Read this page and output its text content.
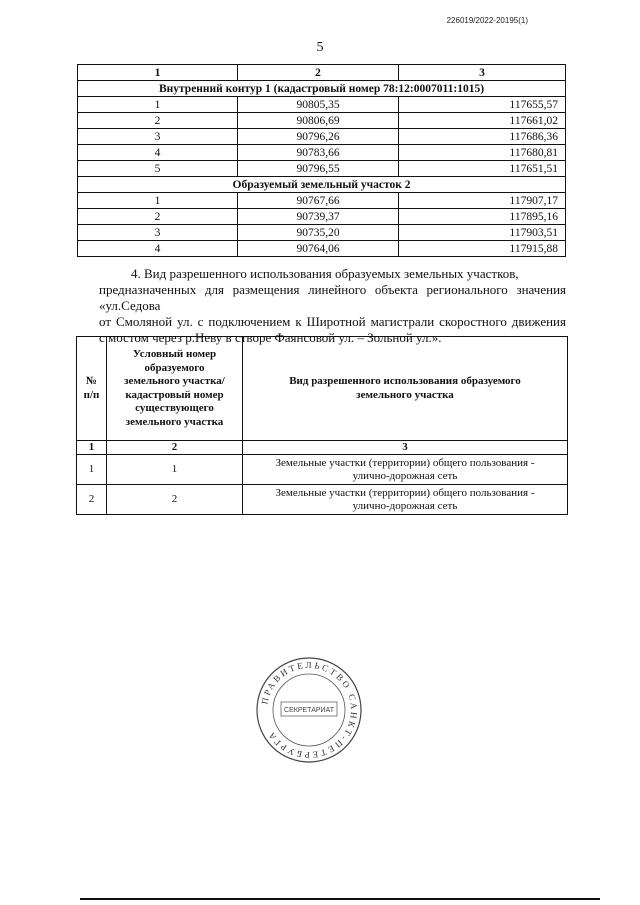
226019/2022-20195(1)
5
1	2	3
Внутренний контур 1 (кадастровый номер 78:12:0007011:1015)		
1	90805,35	117655,57
2	90806,69	117661,02
3	90796,26	117686,36
4	90783,66	117680,81
5	90796,55	117651,51
Образуемый земельный участок 2		
1	90767,66	117907,17
2	90739,37	117895,16
3	90735,20	117903,51
4	90764,06	117915,88
4. Вид разрешенного использования образуемых земельных участков,
предназначенных для размещения линейного объекта регионального значения «ул.Седова
от Смоляной ул. с подключением к Широтной магистрали скоростного движения
с мостом через р.Неву в створе Фаянсовой ул. – Зольной ул.».
№ п/п	Условный номер образуемого земельного участка/кадастровый номер существующего земельного участка	Вид разрешенного использования образуемого земельного участка
1	2	3
1	1	Земельные участки (территории) общего пользования - улично-дорожная сеть
2	2	Земельные участки (территории) общего пользования - улично-дорожная сеть
ПРАВИТЕЛЬСТВО САНКТ-ПЕТЕРБУРГА
СЕКРЕТАРИАТ
